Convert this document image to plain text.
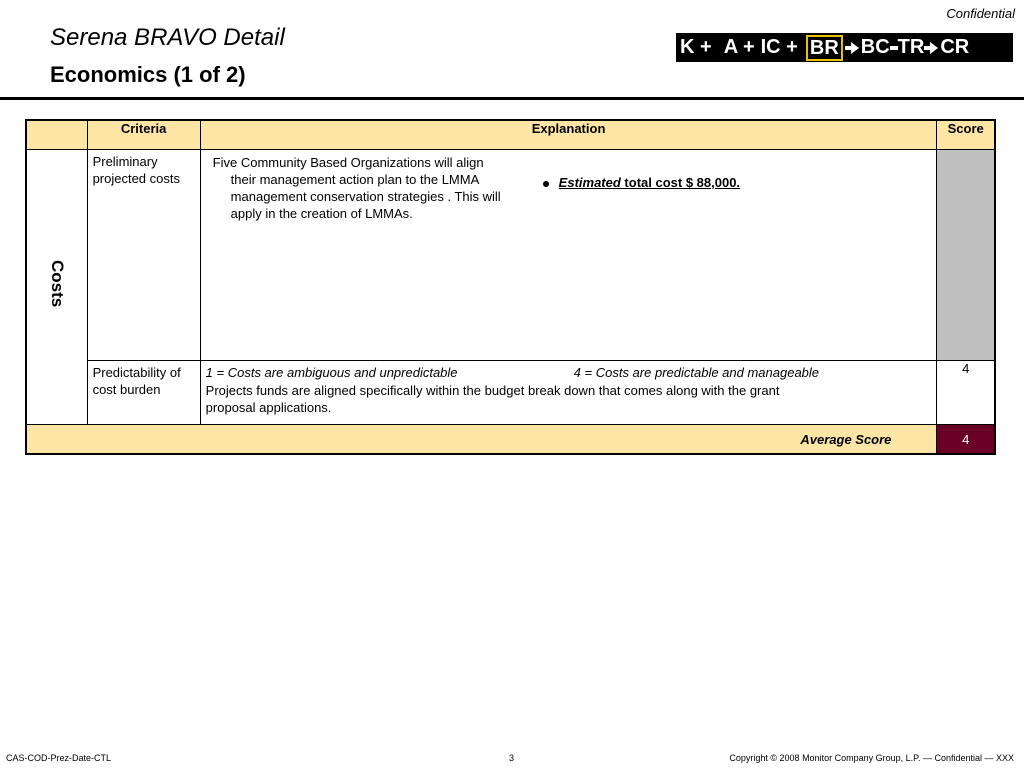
Confidential
Serena BRAVO Detail
Economics (1 of 2)
K + A + IC + BR BC TR CR
	Criteria	Explanation	Score
Costs	Preliminary projected costs	Five Community Based Organizations will align
their management action plan to the LMMA management conservation strategies . This will apply in the creation of LMMAs.
Estimated total cost $ 88,000.	

	Predictability of cost burden	1 = Costs are ambiguous and unpredictable 4 = Costs are predictable and manageable
Projects funds are aligned specifically within the budget break down that comes along with the grant proposal applications.	4
Average Score			4
CAS-COD-Prez-Date-CTL	3	Copyright © 2008 Monitor Company Group, L.P. — Confidential — XXX
